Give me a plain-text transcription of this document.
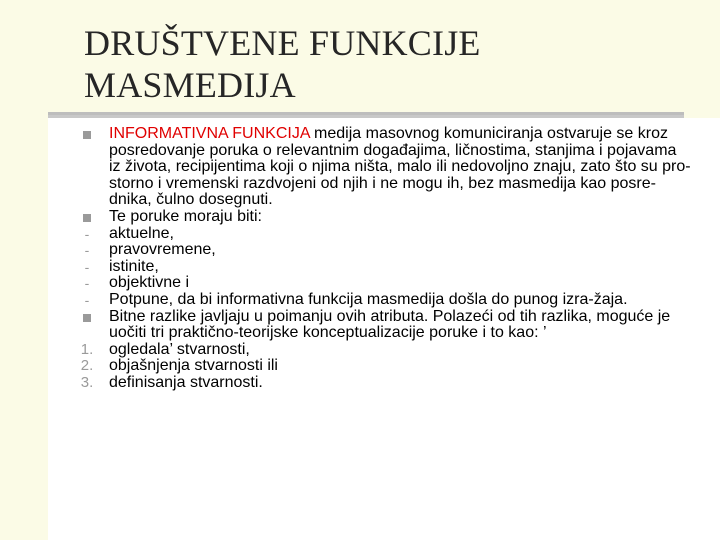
DRUŠTVENE FUNKCIJE
MASMEDIJA
INFORMATIVNA FUNKCIJA medija masovnog komuniciranja ostvaruje se kroz posredovanje poruka o relevantnim događajima, ličnostima, stanjima i pojavama iz života, recipijentima koji o njima ništa, malo ili nedovoljno znaju, zato što su pro-storno i vremenski razdvojeni od njih i ne mogu ih, bez masmedija kao posre-dnika, čulno dosegnuti.
Te poruke moraju biti:
-	aktuelne,
-	pravovremene,
-	istinite,
-	objektivne i
-	Potpune, da bi informativna funkcija masmedija došla do punog izra-žaja.
Bitne razlike javljaju u poimanju ovih atributa. Polazeći od tih razlika, moguće je uočiti tri praktično-teorijske konceptualizacije poruke i to kao: ’
1. ogledala’ stvarnosti,
2. objašnjenja stvarnosti ili
3. definisanja stvarnosti.
